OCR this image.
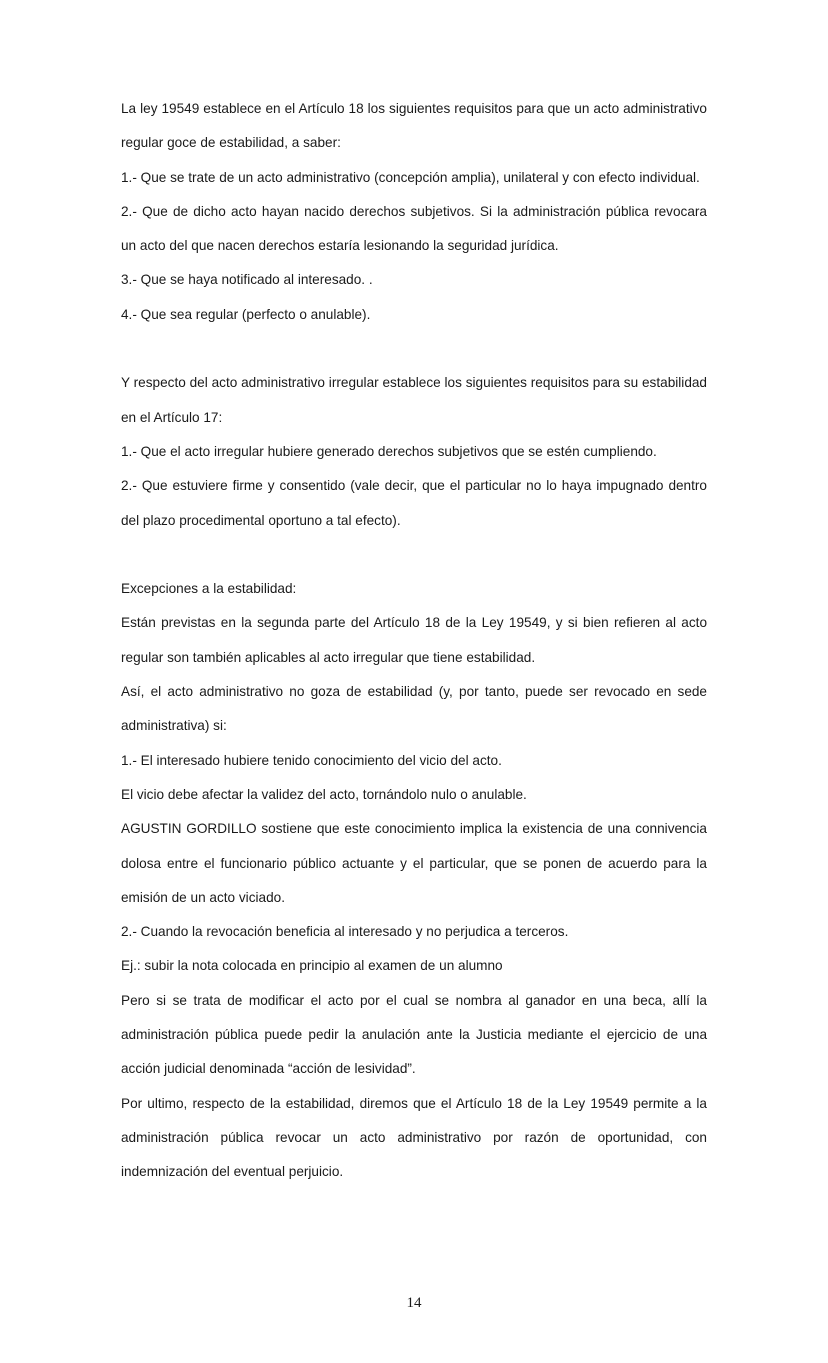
La ley 19549 establece en el Artículo 18 los siguientes requisitos para que un acto administrativo regular goce de estabilidad, a saber:

1.- Que se trate de un acto administrativo (concepción amplia), unilateral y con efecto individual.

2.- Que de dicho acto hayan nacido derechos subjetivos. Si la administración pública revocara un acto del que nacen derechos estaría lesionando la seguridad jurídica.

3.- Que se haya notificado al interesado. .

4.- Que sea regular (perfecto o anulable).

Y respecto del acto administrativo irregular establece los siguientes requisitos para su estabilidad en el Artículo 17:

1.- Que el acto irregular hubiere generado derechos subjetivos que se estén cumpliendo.

2.- Que estuviere firme y consentido (vale decir, que el particular no lo haya impugnado dentro del plazo procedimental oportuno a tal efecto).

Excepciones a la estabilidad:

Están previstas en la segunda parte del Artículo 18 de la Ley 19549, y si bien refieren al acto regular son también aplicables al acto irregular que tiene estabilidad.

Así, el acto administrativo no goza de estabilidad (y, por tanto, puede ser revocado en sede administrativa) si:

1.- El interesado hubiere tenido conocimiento del vicio del acto.

El vicio debe afectar la validez del acto, tornándolo nulo o anulable.

AGUSTIN GORDILLO sostiene que este conocimiento implica la existencia de una connivencia dolosa entre el funcionario público actuante y el particular, que se ponen de acuerdo para la emisión de un acto viciado.

2.- Cuando la revocación beneficia al interesado y no perjudica a terceros.

Ej.: subir la nota colocada en principio al examen de un alumno

Pero si se trata de modificar el acto por el cual se nombra al ganador en una beca, allí la administración pública puede pedir la anulación ante la Justicia mediante el ejercicio de una acción judicial denominada “acción de lesividad”.

Por ultimo, respecto de la estabilidad, diremos que el Artículo 18 de la Ley 19549 permite a la administración pública revocar un acto administrativo por razón de oportunidad, con indemnización del eventual perjuicio.

14
